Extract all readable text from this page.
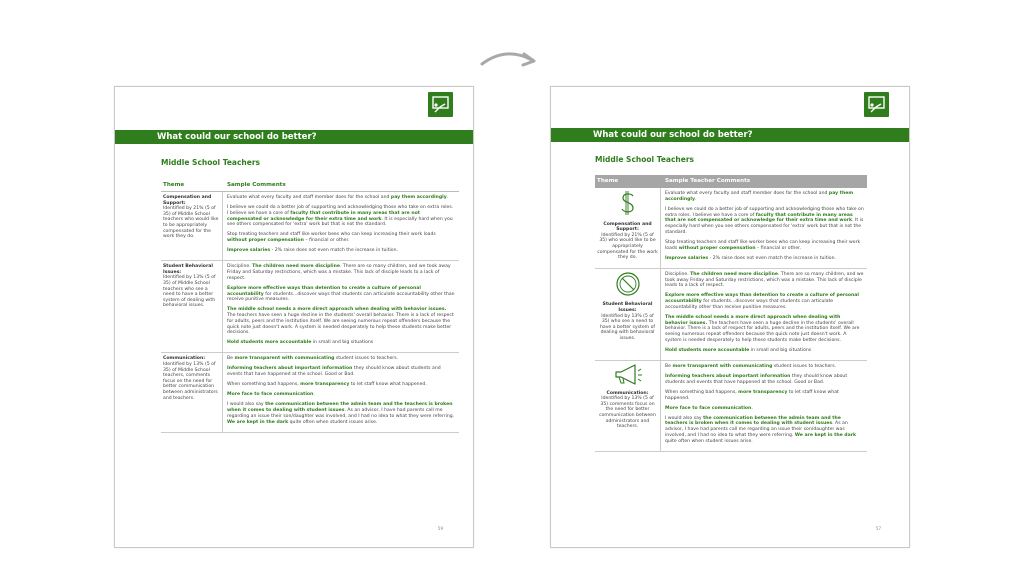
What could our school do better?
Middle School Teachers
Theme	Sample Comments
Compensation and Support:
Identified by 21% (5 of 35) of Middle School teachers who would like to be appropriately compensated for the work they do.

Evaluate what every faculty and staff member does for the school and pay them accordingly.

I believe we could do a better job of supporting and acknowledging those who take on extra roles. I believe we have a core of faculty that contribute in many areas that are not compensated or acknowledge for their extra time and work. It is especially hard when you see others compensated for 'extra' work but that is not the standard.

Stop treating teachers and staff like worker bees who can keep increasing their work loads without proper compensation – financial or other.

Improve salaries - 2% raise does not even match the increase in tuition.

Student Behavioral Issues:
Identified by 13% (5 of 35) of Middle School teachers who see a need to have a better system of dealing with behavioral issues.

Discipline. The children need more discipline. There are so many children, and we took away Friday and Saturday restrictions, which was a mistake. This lack of disciple leads to a lack of respect.

Explore more effective ways than detention to create a culture of personal accountability for students...discover ways that students can articulate accountability other than receive punitive measures.

The middle school needs a more direct approach when dealing with behavior issues. The teachers have seen a huge decline in the students' overall behavior. There is a lack of respect for adults, peers and the institution itself. We are seeing numerous repeat offenders because the quick note just doesn't work. A system is needed desperately to help these students make better decisions.

Hold students more accountable in small and big situations

Communication:
Identified by 13% (5 of 35) of Middle School teachers, comments focus on the need for better communication between administrators and teachers.

Be more transparent with communicating student issues to teachers.

Informing teachers about important information they should know about students and events that have happened at the school. Good or Bad.

When something bad happens, more transparency to let staff know what happened.

More face to face communication.

I would also say the communication between the admin team and the teachers is broken when it comes to dealing with student issues. As an advisor, I have had parents call me regarding an issue their son/daughter was involved, and I had no idea to what they were referring. We are kept in the dark quite often when student issues arise.

59
What could our school do better?
Middle School Teachers
Theme	Sample Teacher Comments
Compensation and Support:
Identified by 21% (5 of 35) who would like to be appropriately compensated for the work they do.

Evaluate what every faculty and staff member does for the school and pay them accordingly.

I believe we could do a better job of supporting and acknowledging those who take on extra roles. I believe we have a core of faculty that contribute in many areas that are not compensated or acknowledge for their extra time and work. It is especially hard when you see others compensated for 'extra' work but that is not the standard.

Stop treating teachers and staff like worker bees who can keep increasing their work loads without proper compensation – financial or other.

Improve salaries - 2% raise does not even match the increase in tuition.

Student Behavioral Issues:
Identified by 13% (5 of 35) who see a need to have a better system of dealing with behavioral issues.

Discipline. The children need more discipline. There are so many children, and we took away Friday and Saturday restrictions, which was a mistake. This lack of disciple leads to a lack of respect.

Explore more effective ways than detention to create a culture of personal accountability for students...discover ways that students can articulate accountability other than receive punitive measures.

The middle school needs a more direct approach when dealing with behavior issues. The teachers have seen a huge decline in the students' overall behavior. There is a lack of respect for adults, peers and the institution itself. We are seeing numerous repeat offenders because the quick note just doesn't work. A system is needed desperately to help these students make better decisions.

Hold students more accountable in small and big situations

Communication:
Identified by 13% (5 of 35) comments focus on the need for better communication between administrators and teachers.

Be more transparent with communicating student issues to teachers.

Informing teachers about important information they should know about students and events that have happened at the school. Good or Bad.

When something bad happens, more transparency to let staff know what happened.

More face to face communication.

I would also say the communication between the admin team and the teachers is broken when it comes to dealing with student issues. As an advisor, I have had parents call me regarding an issue their son/daughter was involved, and I had no idea to what they were referring. We are kept in the dark quite often when student issues arise.

57
